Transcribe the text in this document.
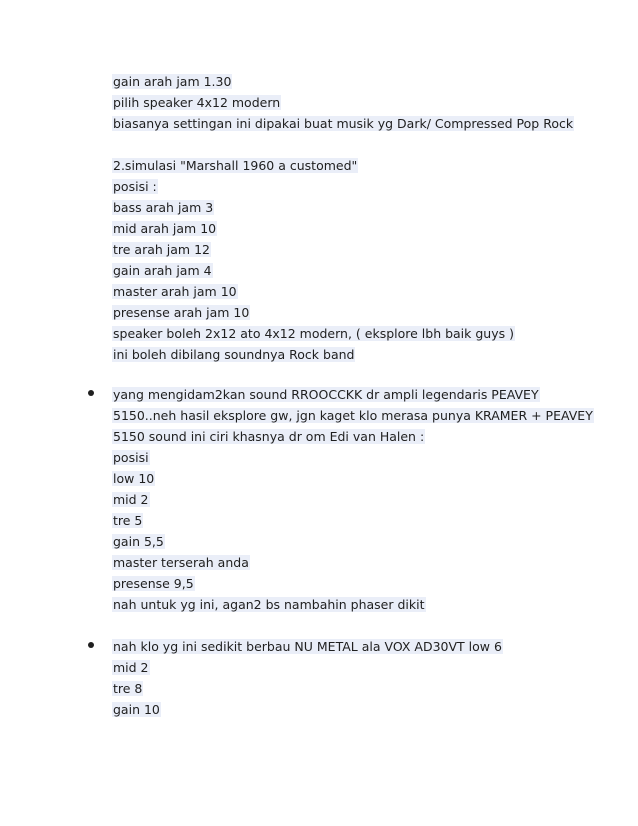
gain arah jam 1.30
pilih speaker 4x12 modern
biasanya settingan ini dipakai buat musik yg Dark/ Compressed Pop Rock
2.simulasi "Marshall 1960 a customed"
posisi :
bass arah jam 3
mid arah jam 10
tre arah jam 12
gain arah jam 4
master arah jam 10
presense arah jam 10
speaker boleh 2x12 ato 4x12 modern, ( eksplore lbh baik guys )
ini boleh dibilang soundnya Rock band
yang mengidam2kan sound RROOCCKK dr ampli legendaris PEAVEY
5150..neh hasil eksplore gw, jgn kaget klo merasa punya KRAMER + PEAVEY
5150 sound ini ciri khasnya dr om Edi van Halen :
posisi
low 10
mid 2
tre 5
gain 5,5
master terserah anda
presense 9,5
nah untuk yg ini, agan2 bs nambahin phaser dikit
nah klo yg ini sedikit berbau NU METAL ala VOX AD30VT low 6
mid 2
tre 8
gain 10
